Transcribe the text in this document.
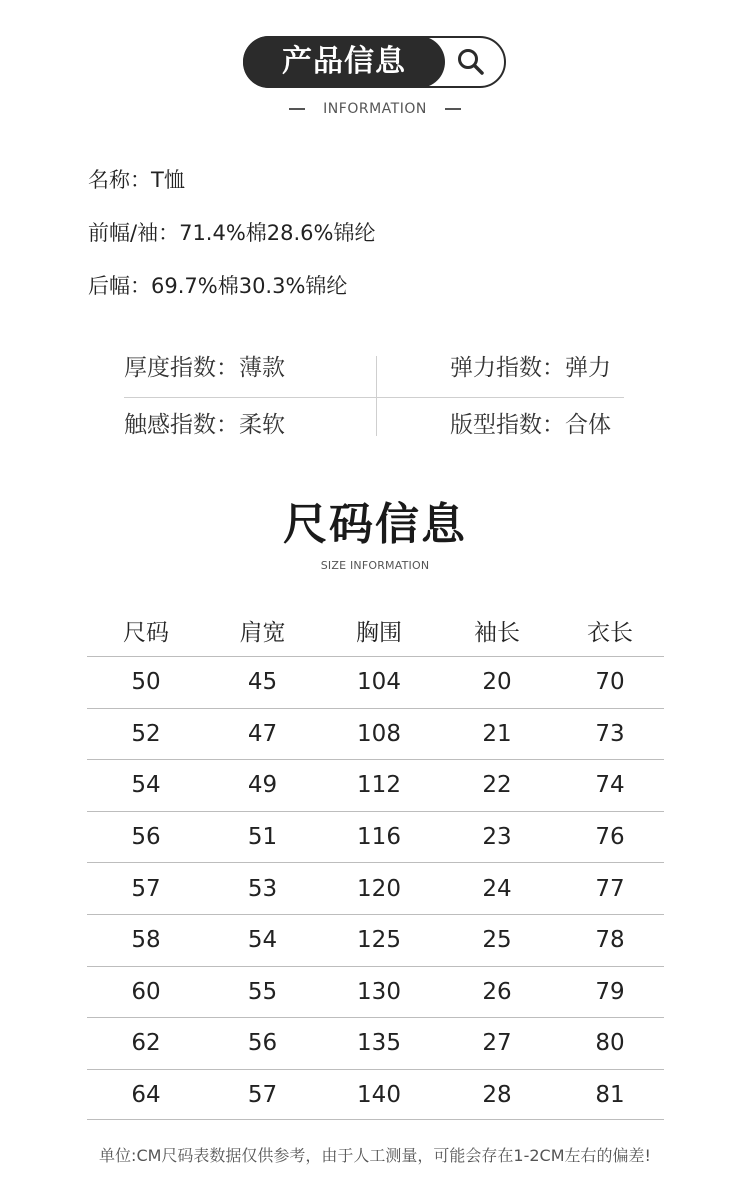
产品信息
INFORMATION
名称：T恤
前幅/袖：71.4%棉28.6%锦纶
后幅：69.7%棉30.3%锦纶
厚度指数：薄款	弹力指数：弹力
触感指数：柔软	版型指数：合体
尺码信息
SIZE INFORMATION
尺码	肩宽	胸围	袖长	衣长
50	45	104	20	70
52	47	108	21	73
54	49	112	22	74
56	51	116	23	76
57	53	120	24	77
58	54	125	25	78
60	55	130	26	79
62	56	135	27	80
64	57	140	28	81
单位:CM尺码表数据仅供参考，由于人工测量，可能会存在1-2CM左右的偏差!
